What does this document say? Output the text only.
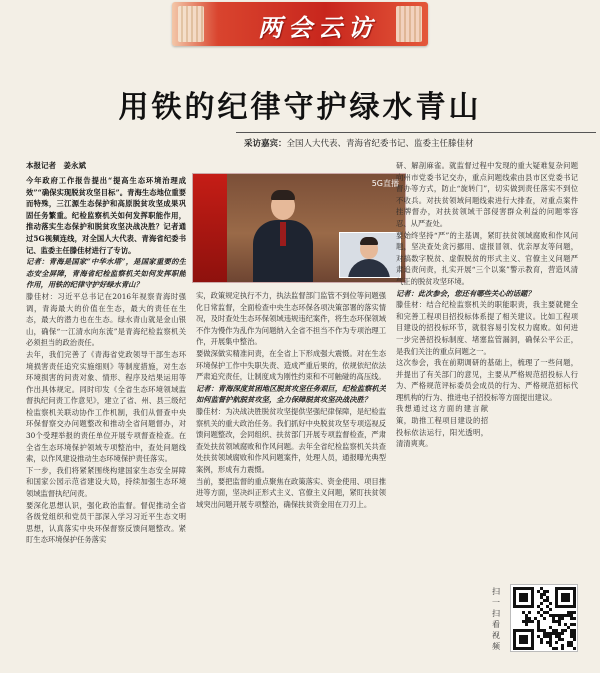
两会云访
用铁的纪律守护绿水青山
采访嘉宾：全国人大代表、青海省纪委书记、监委主任滕佳材
本报记者　姜永斌

今年政府工作报告提出“提高生态环境治理成效”“确保实现脱贫攻坚目标”。青海生态地位重要而特殊，三江源生态保护和高原脱贫攻坚成果巩固任务繁重。纪检监察机关如何发挥职能作用，推动落实生态保护和脱贫攻坚决战决胜？记者通过5G视频连线，对全国人大代表、青海省纪委书记、监委主任滕佳材进行了专访。

记者：青海是国家“中华水塔”，是国家重要的生态安全屏障，青海省纪检监察机关如何发挥职能作用，用铁的纪律守护好绿水青山？

滕佳材：习近平总书记在2016年视察青海时强调，青海最大的价值在生态，最大的责任在生态，最大的潜力也在生态。绿水青山就是金山银山，确保“一江清水向东流”是青海纪检监察机关必须担当的政治责任。

去年，我们完善了《青海省党政领导干部生态环境损害责任追究实施细则》等制度措施，对生态环境损害的问责对象、情形、程序及结果运用等作出具体规定。同时印发《全省生态环境领域监督执纪问责工作意见》，建立了省、州、县三级纪检监察机关联动协作工作机制，我们从督查中央环保督察交办问题整改和推动全省问题督办，对30个受理举报的责任单位开展专项督查检查。在全省生态环境保护领域专项整治中，查处问题线索，以作风建设推动生态环境保护责任落实。

下一步，我们将紧紧围绕构建国家生态安全屏障和国家公园示范省建设大局，持续加强生态环境领域监督执纪问责。

要深化思想认识，强化政治监督。督促推动全省各级党组织和党员干部深入学习习近平生态文明思想，认真落实中央环保督察反馈问题整改。紧盯生态环境保护任务落实

5G直播

实，政策规定执行不力，执法监督部门监管不到位等问题强化日常监督，全面检查中央生态环保各项决策部署的落实情况，及时查处生态环保领域违规违纪案件，将生态环保领域不作为慢作为乱作为问题纳入全省不担当不作为专项治理工作，开展集中整治。

要做深做实精准问责，在全省上下形成强大震慑。对在生态环境保护工作中失职失责、造成严重后果的，依规依纪依法严肃追究责任，让制度成为刚性约束和不可触碰的高压线。

记者：青海深度贫困地区脱贫攻坚任务艰巨，纪检监察机关如何监督护航脱贫攻坚，全力保障脱贫攻坚决战决胜？

滕佳材：为决战决胜脱贫攻坚提供坚强纪律保障，是纪检监察机关的重大政治任务。我们抓好中央脱贫攻坚专项巡视反馈问题整改，会同组织、扶贫部门开展专项监督检查，严肃查处扶贫领域腐败和作风问题。去年全省纪检监察机关共查处扶贫领域腐败和作风问题案件，处理人员，通报曝光典型案例，形成有力震慑。

当前，要把监督的重点聚焦在政策落实、资金使用、项目推进等方面，坚决纠正形式主义、官僚主义问题，紧盯扶贫领域突出问题开展专项整治，确保扶贫资金用在刀刃上。

研、解剖麻雀。就监督过程中发现的重大疑难复杂问题向州市党委书记交办，重点问题线索由县市区党委书记督办等方式，防止“旋转门”，切实做到责任落实不到位不收兵。对扶贫领域问题线索进行大排查，对重点案件挂牌督办，对扶贫领域干部侵害群众利益的问题零容忍、从严查处。

要始终坚持“严”的主基调，紧盯扶贫领域腐败和作风问题，坚决查处贪污挪用、虚报冒领、优亲厚友等问题，对搞数字脱贫、虚假脱贫的形式主义、官僚主义问题严肃追责问责，扎实开展“三个以案”警示教育，营造风清气正的脱贫攻坚环境。

记者：此次参会，您还有哪些关心的话题？

滕佳材：结合纪检监察机关的职能职责，我主要就健全和完善工程项目招投标体系提了相关建议。比如工程项目建设的招投标环节，就很容易引发权力腐败。如何进一步完善招投标制度、堵塞监管漏洞，确保公平公正，是我们关注的重点问题之一。

这次参会，我在前期调研的基础上，梳理了一些问题，并提出了有关部门的意见，主要从严格规范招投标人行为、严格规范评标委员会成员的行为、严格规范招标代理机构的行为、推进电子招投标等方面提出建议。

我想通过这方面的建言献策，助推工程项目建设的招投标依法运行，阳光透明，清清爽爽。

扫一扫看视频
